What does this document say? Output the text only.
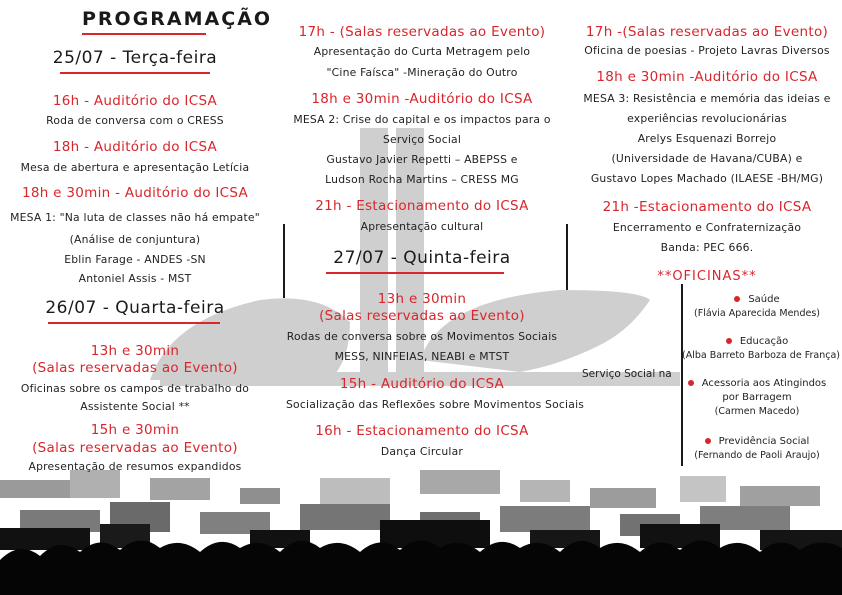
PROGRAMAÇÃO
25/07 - Terça-feira
16h - Auditório do ICSA
Roda de conversa com o CRESS
18h - Auditório do ICSA
Mesa de abertura e apresentação Letícia
18h e 30min - Auditório do ICSA
MESA 1: "Na luta de classes não há empate"
(Análise de conjuntura)
Eblin Farage - ANDES -SN
Antoniel Assis - MST
26/07 - Quarta-feira
13h e 30min
(Salas reservadas ao Evento)
Oficinas sobre os campos de trabalho do
Assistente Social **
15h e 30min
(Salas reservadas ao Evento)
Apresentação de resumos expandidos
17h - (Salas reservadas ao Evento)
Apresentação do Curta Metragem pelo
"Cine Faísca" -Mineração do Outro
18h e 30min -Auditório do ICSA
MESA 2: Crise do capital e os impactos para o
Serviço Social
Gustavo Javier Repetti – ABEPSS e
Ludson Rocha Martins – CRESS MG
21h - Estacionamento do ICSA
Apresentação cultural
27/07 - Quinta-feira
13h e 30min
(Salas reservadas ao Evento)
Rodas de conversa sobre os Movimentos Sociais
MESS, NINFEIAS, NEABI e MTST
15h - Auditório do ICSA
Socialização das Reflexões sobre Movimentos Sociais
16h - Estacionamento do ICSA
Dança Circular
17h -(Salas reservadas ao Evento)
Oficina de poesias - Projeto Lavras Diversos
18h e 30min -Auditório do ICSA
MESA 3: Resistência e memória das ideias e
experiências revolucionárias
Arelys Esquenazi Borrejo
(Universidade de Havana/CUBA) e
Gustavo Lopes Machado (ILAESE -BH/MG)
21h -Estacionamento do ICSA
Encerramento e Confraternização
Banda: PEC 666.
**OFICINAS**
Serviço Social na
Saúde
(Flávia Aparecida Mendes)
Educação
(Alba Barreto Barboza de França)
Acessoria aos Atingindos
por Barragem
(Carmen Macedo)
Previdência Social
(Fernando de Paoli Araujo)
